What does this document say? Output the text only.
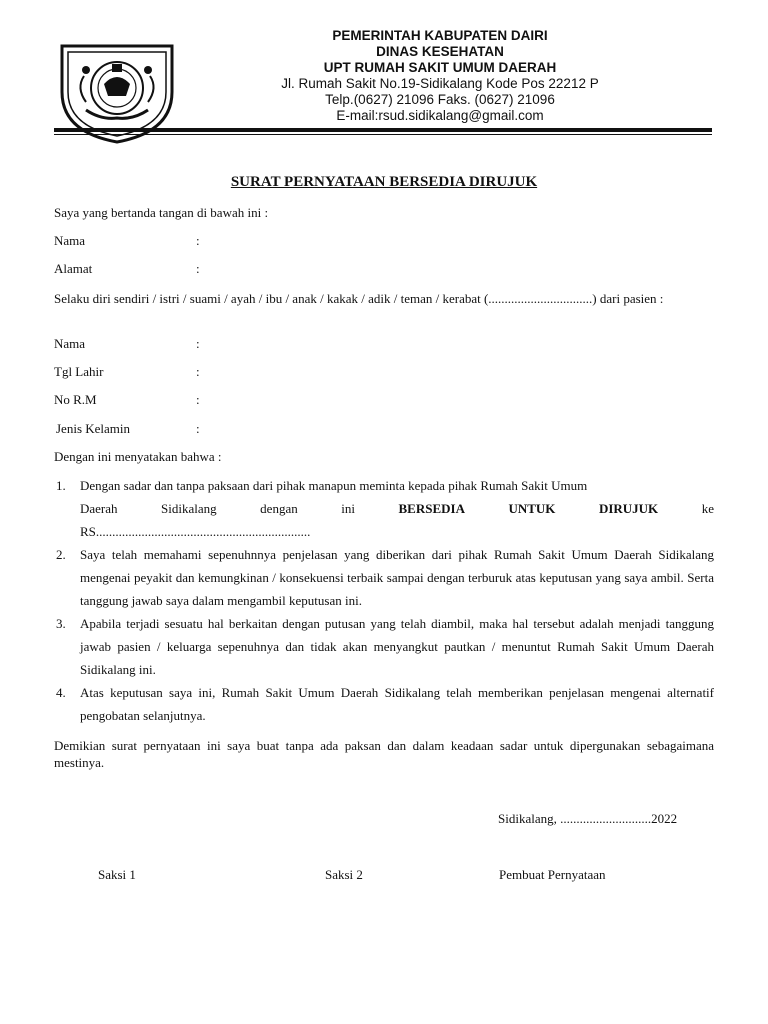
PEMERINTAH KABUPATEN DAIRI
DINAS KESEHATAN
UPT RUMAH SAKIT UMUM DAERAH
Jl. Rumah Sakit No.19-Sidikalang Kode Pos 22212 P
Telp.(0627) 21096 Faks. (0627) 21096
E-mail:rsud.sidikalang@gmail.com
SURAT PERNYATAAN BERSEDIA DIRUJUK
Saya yang bertanda tangan di bawah ini :
Nama	:
Alamat	:
Selaku diri sendiri / istri / suami / ayah / ibu / anak / kakak / adik / teman / kerabat (................................) dari pasien :
Nama	:
Tgl Lahir	:
No R.M	:
Jenis Kelamin	:
Dengan ini menyatakan bahwa :
1. Dengan sadar dan tanpa paksaan dari pihak manapun meminta kepada pihak Rumah Sakit Umum
Daerah	Sidikalang	dengan	ini	BERSEDIA	UNTUK	DIRUJUK	ke
RS..................................................................
2. Saya telah memahami sepenuhnnya penjelasan yang diberikan dari pihak Rumah Sakit Umum Daerah Sidikalang mengenai peyakit dan kemungkinan / konsekuensi terbaik sampai dengan terburuk atas keputusan yang saya ambil. Serta tanggung jawab saya dalam mengambil keputusan ini.
3. Apabila terjadi sesuatu hal berkaitan dengan putusan yang telah diambil, maka hal tersebut adalah menjadi tanggung jawab pasien / keluarga sepenuhnya dan tidak akan menyangkut pautkan / menuntut Rumah Sakit Umum Daerah Sidikalang ini.
4. Atas keputusan saya ini, Rumah Sakit Umum Daerah Sidikalang telah memberikan penjelasan mengenai alternatif pengobatan selanjutnya.
Demikian surat pernyataan ini saya buat tanpa ada paksan dan dalam keadaan sadar untuk dipergunakan sebagaimana mestinya.
Sidikalang, ............................2022
Saksi 1	Saksi 2	Pembuat Pernyataan
